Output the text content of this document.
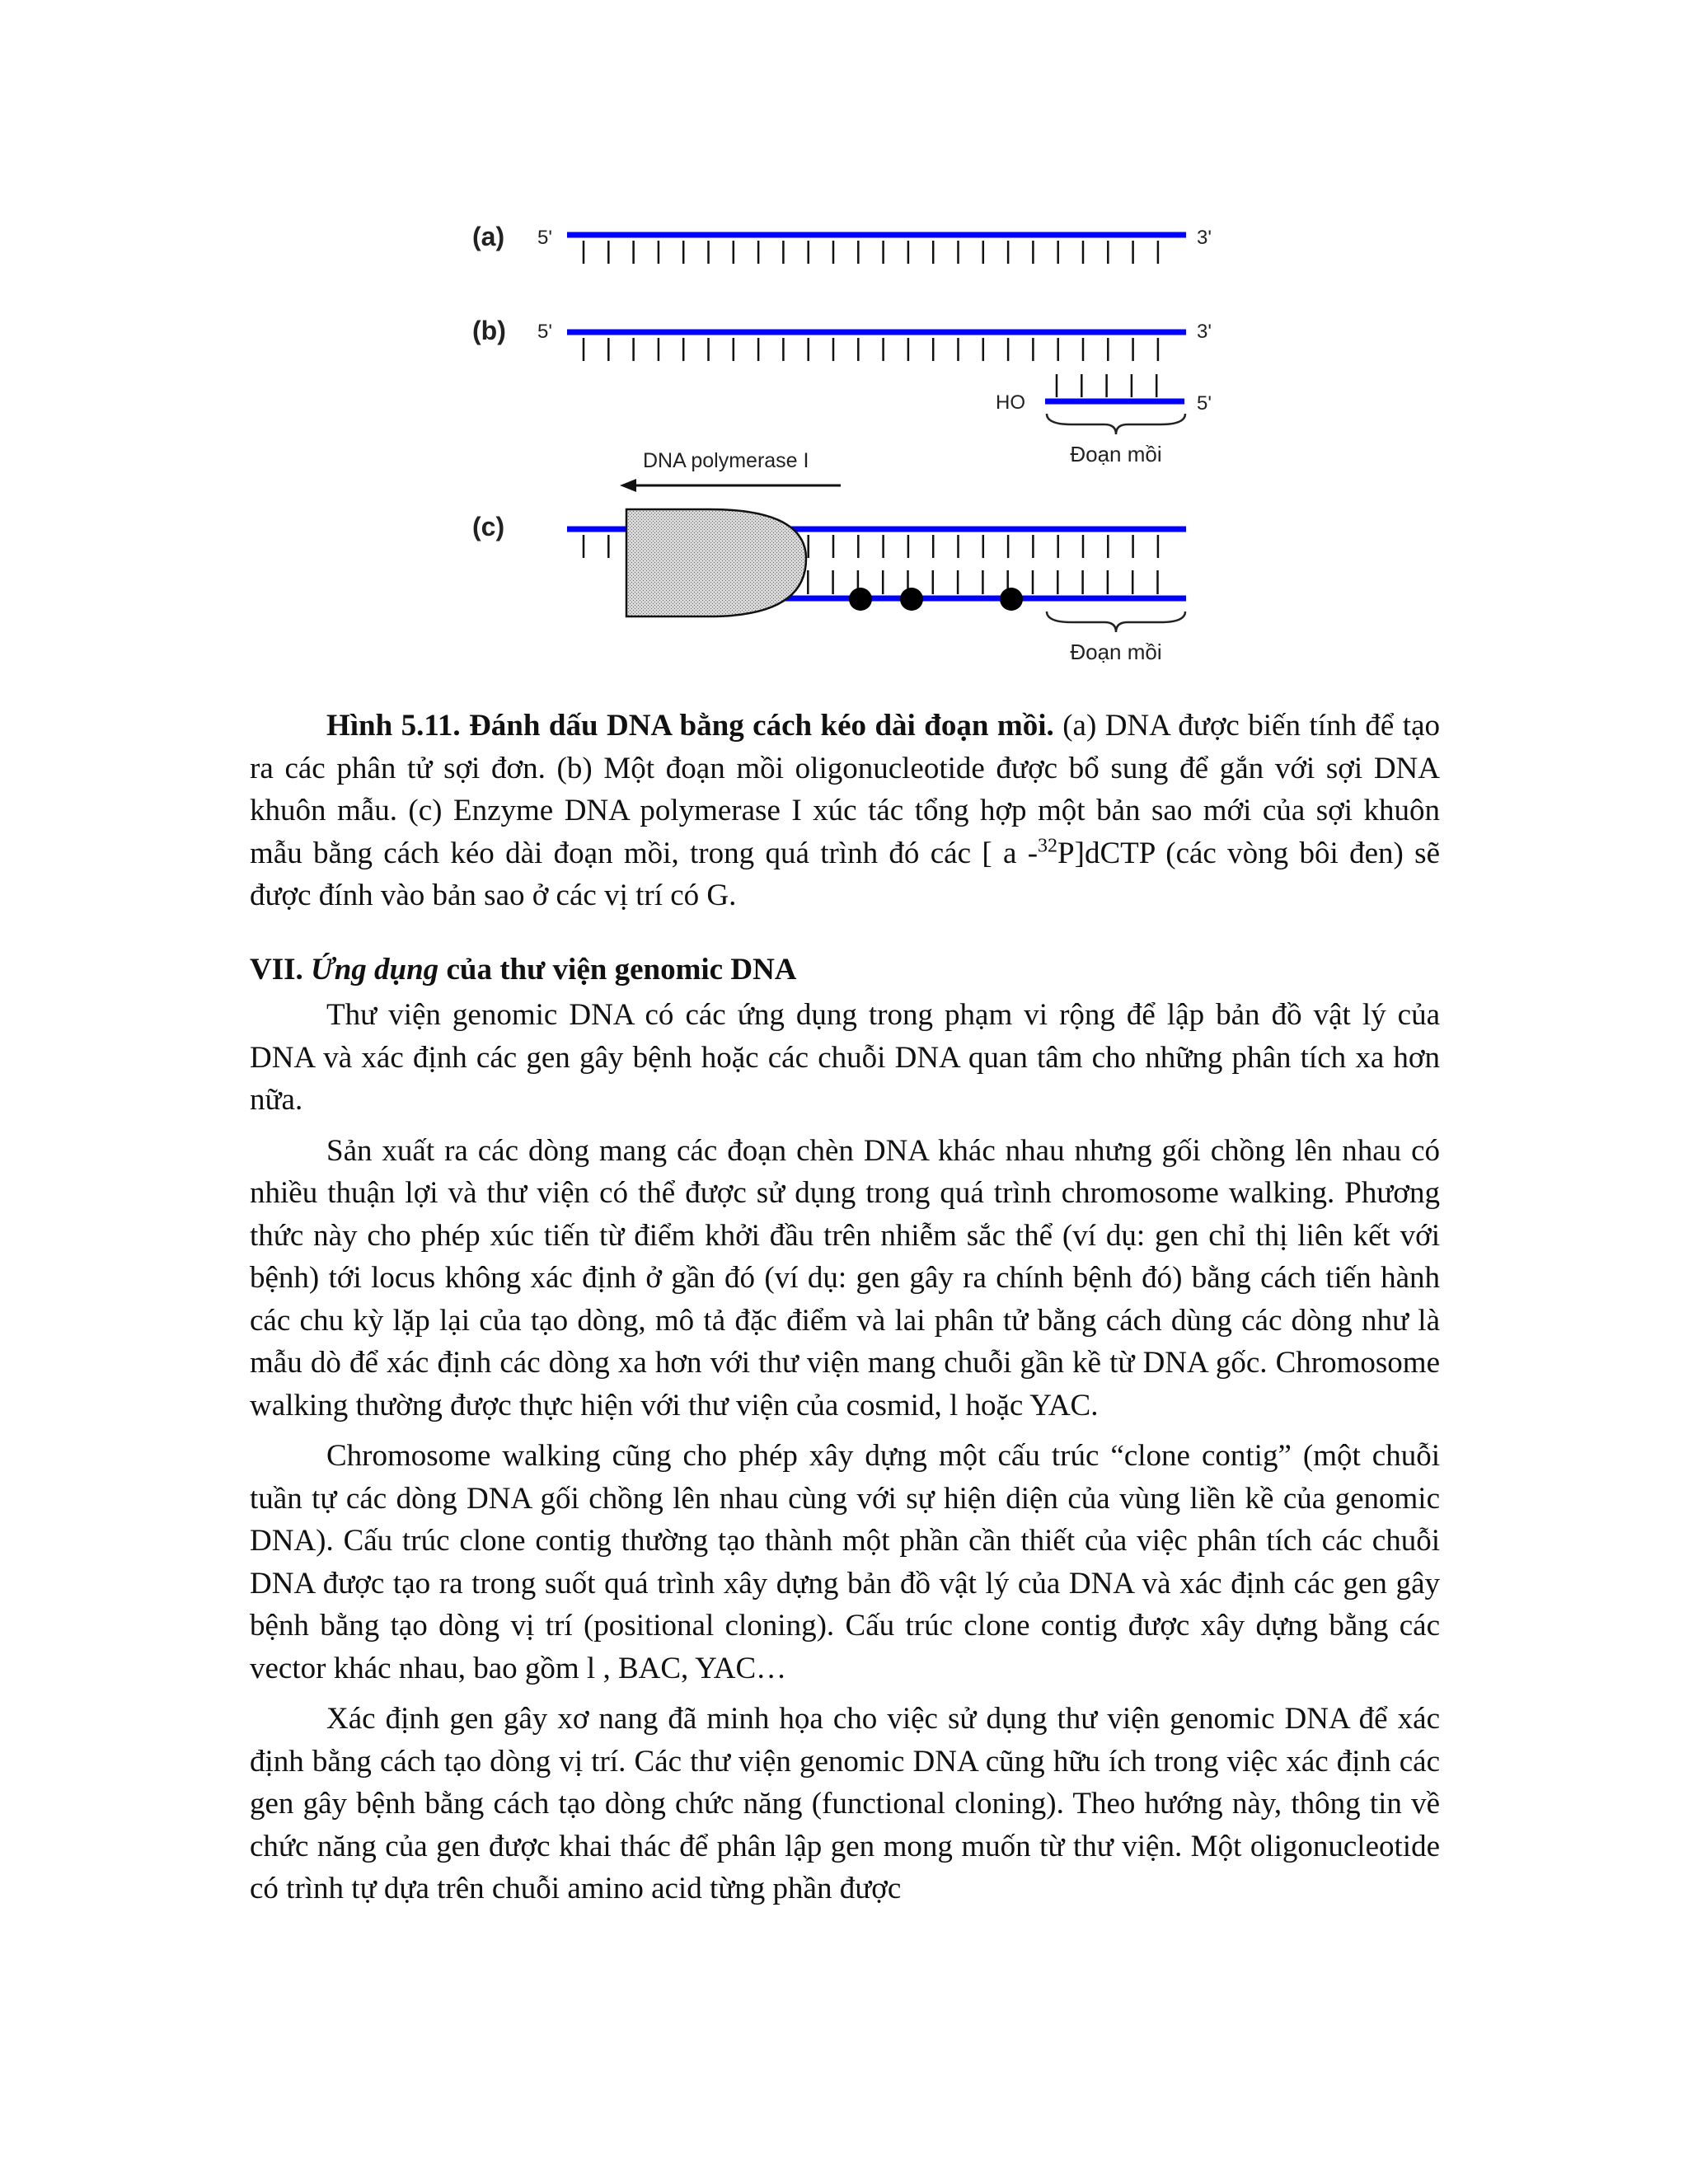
(a) 5'	3'
(b) 5'	3'
HO	5'
Đoạn mồi
DNA polymerase I
(c)
Đoạn mồi

Hình 5.11. Đánh dấu DNA bằng cách kéo dài đoạn mồi. (a) DNA được biến tính để tạo ra các phân tử sợi đơn. (b) Một đoạn mồi oligonucleotide được bổ sung để gắn với sợi DNA khuôn mẫu. (c) Enzyme DNA polymerase I xúc tác tổng hợp một bản sao mới của sợi khuôn mẫu bằng cách kéo dài đoạn mồi, trong quá trình đó các [ a -$^{32}$P]dCTP (các vòng bôi đen) sẽ được đính vào bản sao ở các vị trí có G.

VII. Ứng dụng của thư viện genomic DNA

Thư viện genomic DNA có các ứng dụng trong phạm vi rộng để lập bản đồ vật lý của DNA và xác định các gen gây bệnh hoặc các chuỗi DNA quan tâm cho những phân tích xa hơn nữa.

Sản xuất ra các dòng mang các đoạn chèn DNA khác nhau nhưng gối chồng lên nhau có nhiều thuận lợi và thư viện có thể được sử dụng trong quá trình chromosome walking. Phương thức này cho phép xúc tiến từ điểm khởi đầu trên nhiễm sắc thể (ví dụ: gen chỉ thị liên kết với bệnh) tới locus không xác định ở gần đó (ví dụ: gen gây ra chính bệnh đó) bằng cách tiến hành các chu kỳ lặp lại của tạo dòng, mô tả đặc điểm và lai phân tử bằng cách dùng các dòng như là mẫu dò để xác định các dòng xa hơn với thư viện mang chuỗi gần kề từ DNA gốc. Chromosome walking thường được thực hiện với thư viện của cosmid, l hoặc YAC.

Chromosome walking cũng cho phép xây dựng một cấu trúc “clone contig” (một chuỗi tuần tự các dòng DNA gối chồng lên nhau cùng với sự hiện diện của vùng liền kề của genomic DNA). Cấu trúc clone contig thường tạo thành một phần cần thiết của việc phân tích các chuỗi DNA được tạo ra trong suốt quá trình xây dựng bản đồ vật lý của DNA và xác định các gen gây bệnh bằng tạo dòng vị trí (positional cloning). Cấu trúc clone contig được xây dựng bằng các vector khác nhau, bao gồm l , BAC, YAC…

Xác định gen gây xơ nang đã minh họa cho việc sử dụng thư viện genomic DNA để xác định bằng cách tạo dòng vị trí. Các thư viện genomic DNA cũng hữu ích trong việc xác định các gen gây bệnh bằng cách tạo dòng chức năng (functional cloning). Theo hướng này, thông tin về chức năng của gen được khai thác để phân lập gen mong muốn từ thư viện. Một oligonucleotide có trình tự dựa trên chuỗi amino acid từng phần được
